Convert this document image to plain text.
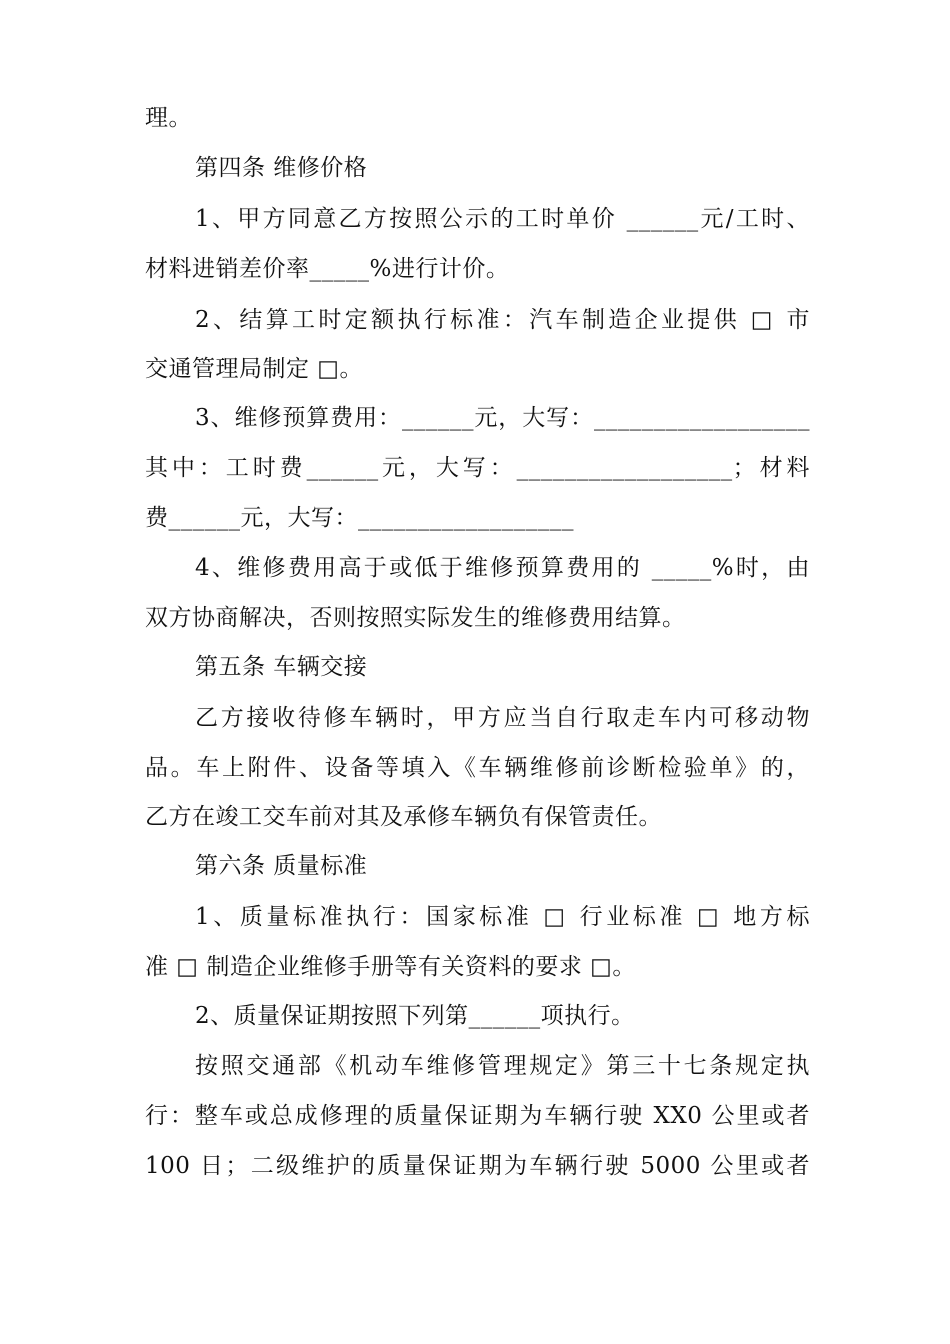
理。
第四条 维修价格
1、甲方同意乙方按照公示的工时单价 ______元/工时、
材料进销差价率_____%进行计价。
2、结算工时定额执行标准：汽车制造企业提供 □ 市
交通管理局制定 □。
3、维修预算费用：______元，大写：__________________
其中：工时费______元，大写：__________________；材料
费______元，大写：__________________
4、维修费用高于或低于维修预算费用的 _____%时，由
双方协商解决，否则按照实际发生的维修费用结算。
第五条 车辆交接
乙方接收待修车辆时，甲方应当自行取走车内可移动物
品。车上附件、设备等填入《车辆维修前诊断检验单》的，
乙方在竣工交车前对其及承修车辆负有保管责任。
第六条 质量标准
1、质量标准执行：国家标准 □ 行业标准 □ 地方标
准 □ 制造企业维修手册等有关资料的要求 □。
2、质量保证期按照下列第______项执行。
按照交通部《机动车维修管理规定》第三十七条规定执
行：整车或总成修理的质量保证期为车辆行驶 XX0 公里或者
100 日；二级维护的质量保证期为车辆行驶 5000 公里或者
